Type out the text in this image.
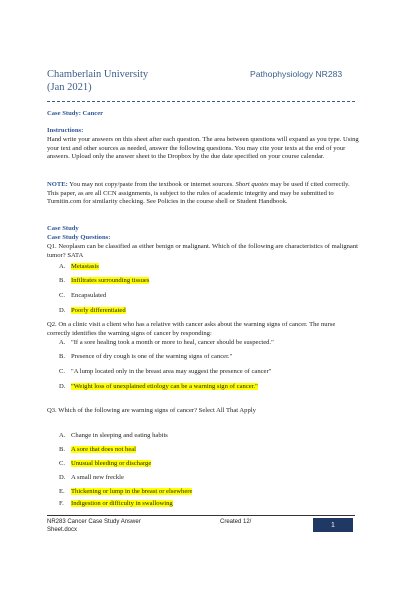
Chamberlain University
(Jan 2021)
Pathophysiology NR283
Case Study: Cancer
Instructions:
Hand write your answers on this sheet after each question. The area between questions will expand as you type. Using your text and other sources as needed, answer the following questions. You may cite your texts at the end of your answers. Upload only the answer sheet to the Dropbox by the due date specified on your course calendar.
NOTE: You may not copy/paste from the textbook or internet sources. Short quotes may be used if cited correctly. This paper, as are all CCN assignments, is subject to the rules of academic integrity and may be submitted to Turnitin.com for similarity checking. See Policies in the course shell or Student Handbook.
Case Study
Case Study Questions:
Q1. Neoplasm can be classified as either benign or malignant. Which of the following are characteristics of malignant tumor? SATA
A. Metastasis
B. Infiltrates surrounding tissues
C. Encapsulated
D. Poorly differentiated
Q2. On a clinic visit a client who has a relative with cancer asks about the warning signs of cancer. The nurse correctly identifies the warning signs of cancer by responding:
A. "If a sore healing took a month or more to heal, cancer should be suspected."
B. Presence of dry cough is one of the warning signs of cancer."
C. "A lump located only in the breast area may suggest the presence of cancer"
D. "Weight loss of unexplained etiology can be a warning sign of cancer."
Q3. Which of the following are warning signs of cancer? Select All That Apply
A. Change in sleeping and eating habits
B. A sore that does not heal
C. Unusual bleeding or discharge
D. A small new freckle
E. Thickening or lump in the breast or elsewhere
F. Indigestion or difficulty in swallowing
NR283 Cancer Case Study Answer Sheet.docx
Created 12/	1
